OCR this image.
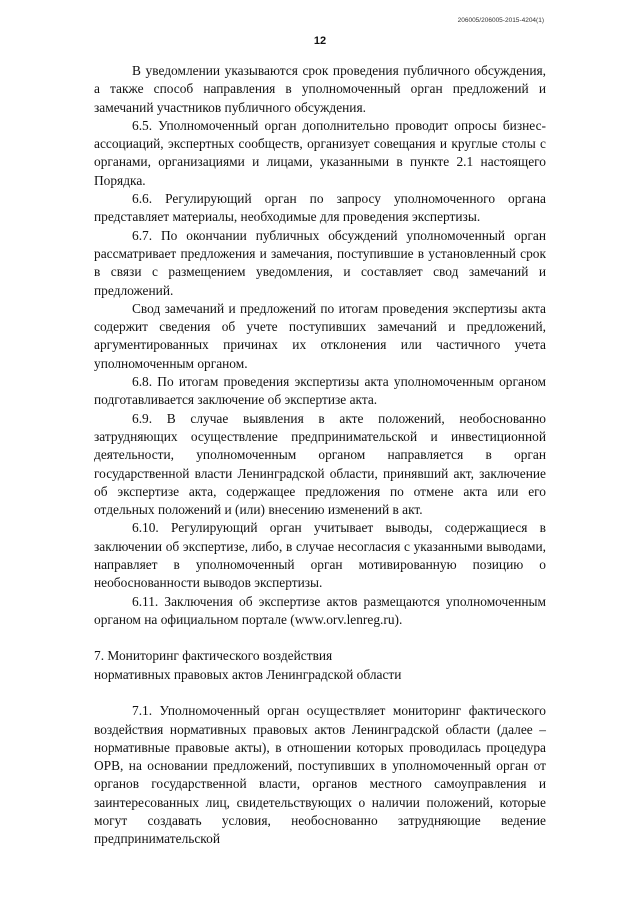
206005/206005-2015-4204(1)
12

В уведомлении указываются срок проведения публичного обсуждения, а также способ направления в уполномоченный орган предложений и замечаний участников публичного обсуждения.

6.5. Уполномоченный орган дополнительно проводит опросы бизнес-ассоциаций, экспертных сообществ, организует совещания и круглые столы с органами, организациями и лицами, указанными в пункте 2.1 настоящего Порядка.

6.6. Регулирующий орган по запросу уполномоченного органа представляет материалы, необходимые для проведения экспертизы.

6.7. По окончании публичных обсуждений уполномоченный орган рассматривает предложения и замечания, поступившие в установленный срок в связи с размещением уведомления, и составляет свод замечаний и предложений.

Свод замечаний и предложений по итогам проведения экспертизы акта содержит сведения об учете поступивших замечаний и предложений, аргументированных причинах их отклонения или частичного учета уполномоченным органом.

6.8. По итогам проведения экспертизы акта уполномоченным органом подготавливается заключение об экспертизе акта.

6.9. В случае выявления в акте положений, необоснованно затрудняющих осуществление предпринимательской и инвестиционной деятельности, уполномоченным органом направляется в орган государственной власти Ленинградской области, принявший акт, заключение об экспертизе акта, содержащее предложения по отмене акта или его отдельных положений и (или) внесению изменений в акт.

6.10. Регулирующий орган учитывает выводы, содержащиеся в заключении об экспертизе, либо, в случае несогласия с указанными выводами, направляет в уполномоченный орган мотивированную позицию о необоснованности выводов экспертизы.

6.11. Заключения об экспертизе актов размещаются уполномоченным органом на официальном портале (www.orv.lenreg.ru).

7. Мониторинг фактического воздействия
нормативных правовых актов Ленинградской области

7.1. Уполномоченный орган осуществляет мониторинг фактического воздействия нормативных правовых актов Ленинградской области (далее – нормативные правовые акты), в отношении которых проводилась процедура ОРВ, на основании предложений, поступивших в уполномоченный орган от органов государственной власти, органов местного самоуправления и заинтересованных лиц, свидетельствующих о наличии положений, которые могут создавать условия, необоснованно затрудняющие ведение предпринимательской
